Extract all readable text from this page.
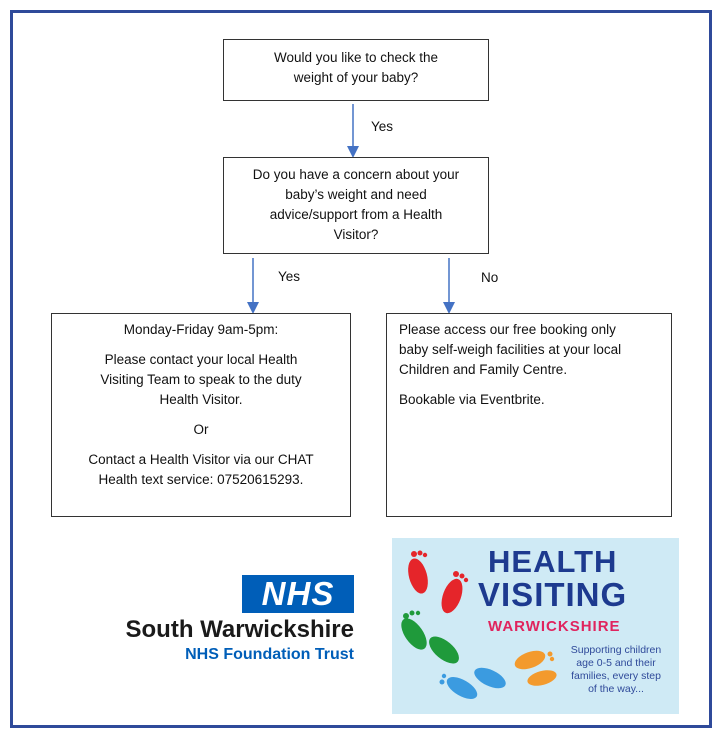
Would you like to check the

weight of your baby?

Yes

Do you have a concern about your

baby’s weight and need

advice/support from a Health

Visitor?

Yes	No

Monday-Friday 9am-5pm:

Please contact your local Health

Visiting Team to speak to the duty

Health Visitor.

Or

Contact a Health Visitor via our CHAT

Health text service: 07520615293.

Please access our free booking only

baby self-weigh facilities at your local

Children and Family Centre.

Bookable via Eventbrite.

NHS
South Warwickshire
NHS Foundation Trust
HEALTH
VISITING
WARWICKSHIRE
Supporting children
age 0-5 and their
families, every step
of the way...
